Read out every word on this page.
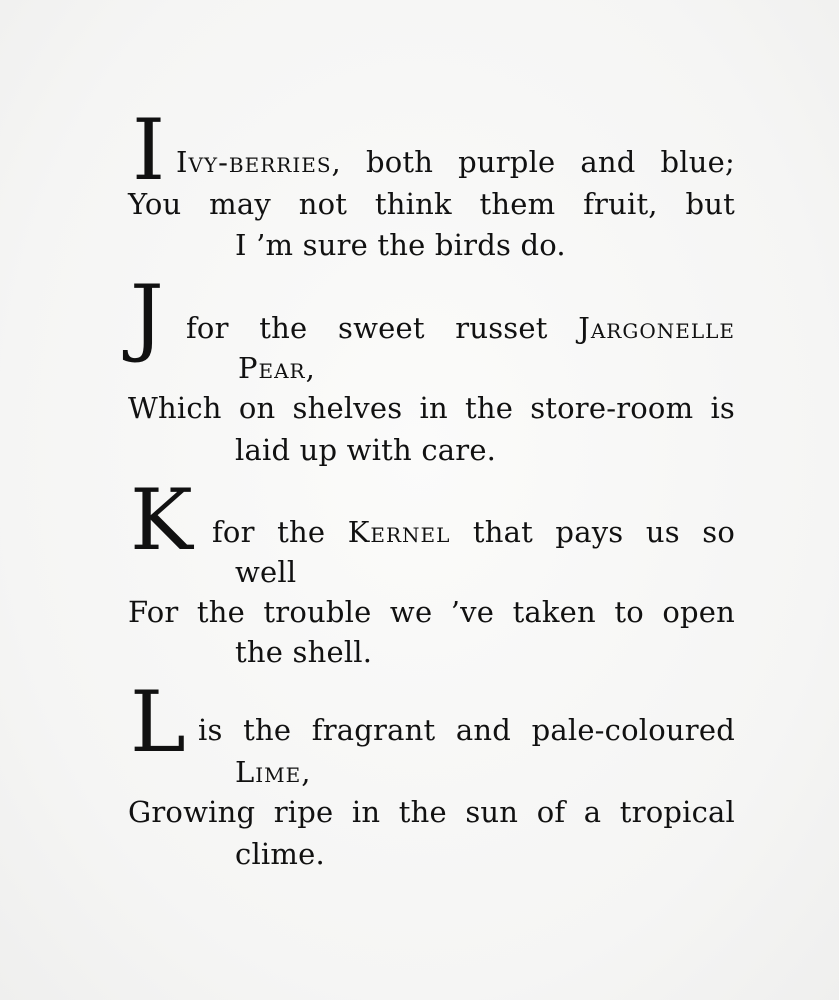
I Ivy-berries, both purple and blue;
You may not think them fruit, but
I ’m sure the birds do.
J for the sweet russet Jargonelle
Pear,
Which on shelves in the store-room is
laid up with care.
K for the Kernel that pays us so
well
For the trouble we ’ve taken to open
the shell.
L is the fragrant and pale-coloured
Lime,
Growing ripe in the sun of a tropical
clime.
